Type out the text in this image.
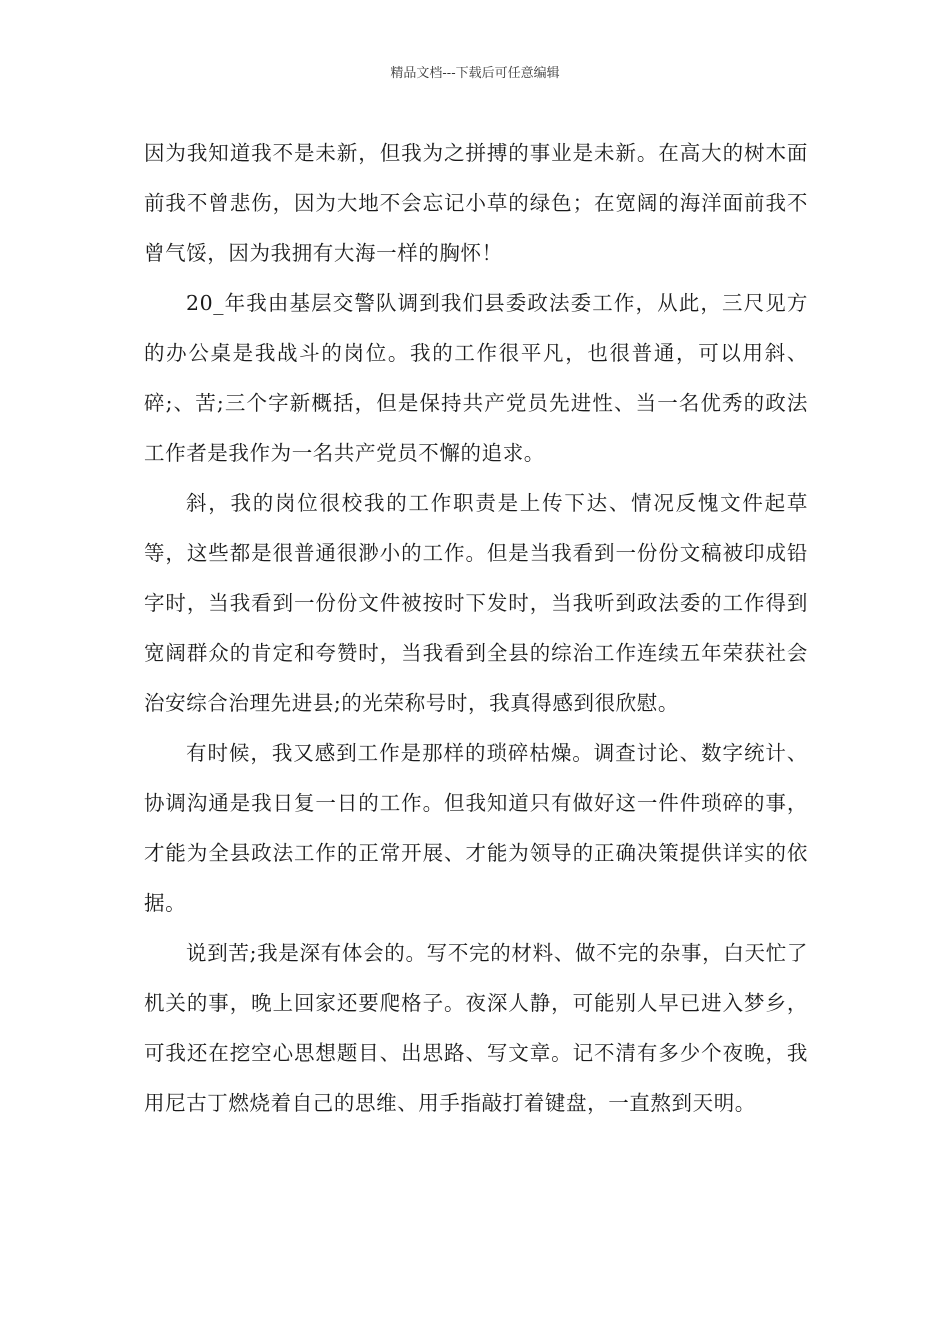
精品文档---下载后可任意编辑

因为我知道我不是未新，但我为之拼搏的事业是未新。在高大的树木面前我不曾悲伤，因为大地不会忘记小草的绿色；在宽阔的海洋面前我不曾气馁，因为我拥有大海一样的胸怀！

20_年我由基层交警队调到我们县委政法委工作，从此，三尺见方的办公桌是我战斗的岗位。我的工作很平凡，也很普通，可以用斜、碎;、苦;三个字新概括，但是保持共产党员先进性、当一名优秀的政法工作者是我作为一名共产党员不懈的追求。

斜，我的岗位很校我的工作职责是上传下达、情况反愧文件起草等，这些都是很普通很渺小的工作。但是当我看到一份份文稿被印成铅字时，当我看到一份份文件被按时下发时，当我听到政法委的工作得到宽阔群众的肯定和夸赞时，当我看到全县的综治工作连续五年荣获社会治安综合治理先进县;的光荣称号时，我真得感到很欣慰。

有时候，我又感到工作是那样的琐碎枯燥。调查讨论、数字统计、协调沟通是我日复一日的工作。但我知道只有做好这一件件琐碎的事，才能为全县政法工作的正常开展、才能为领导的正确决策提供详实的依据。

说到苦;我是深有体会的。写不完的材料、做不完的杂事，白天忙了机关的事，晚上回家还要爬格子。夜深人静，可能别人早已进入梦乡，可我还在挖空心思想题目、出思路、写文章。记不清有多少个夜晚，我用尼古丁燃烧着自己的思维、用手指敲打着键盘，一直熬到天明。
